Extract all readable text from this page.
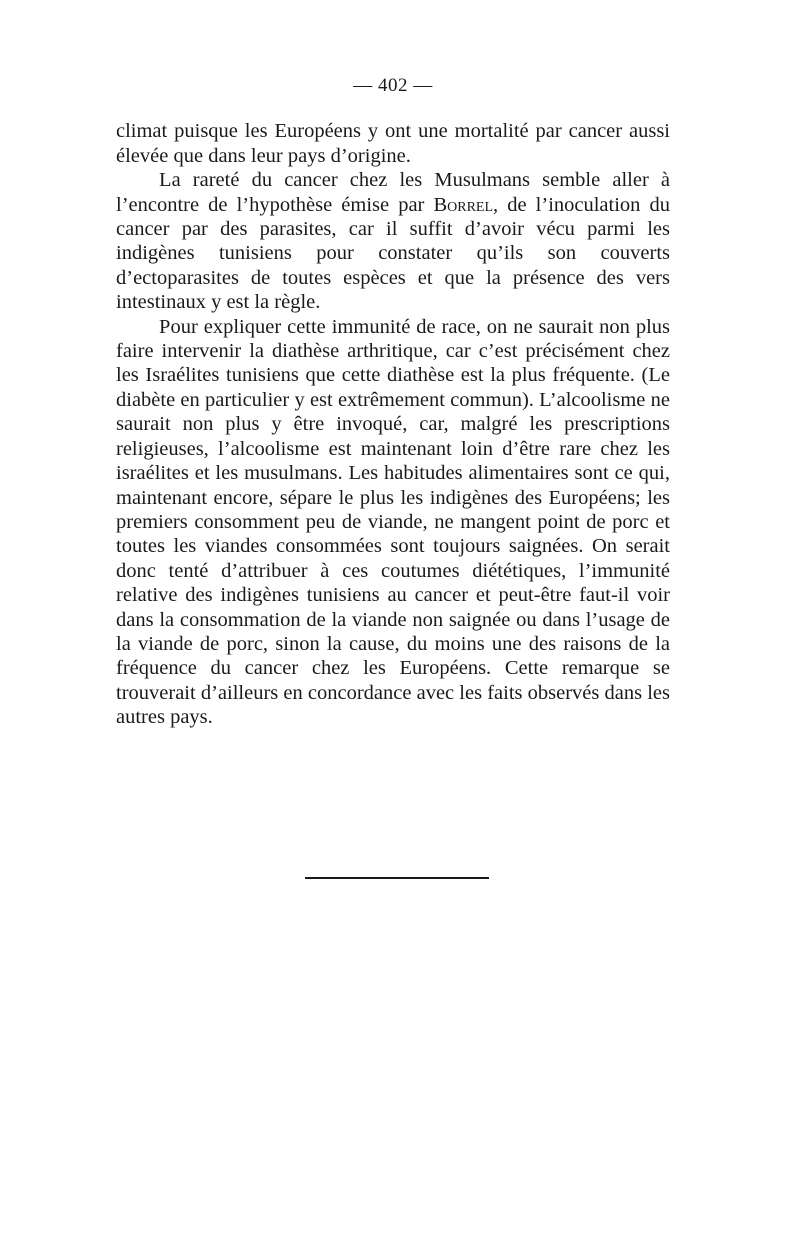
— 402 —

climat puisque les Européens y ont une mortalité par cancer aussi élevée que dans leur pays d’origine.

La rareté du cancer chez les Musulmans semble aller à l’encontre de l’hypothèse émise par Borrel, de l’inoculation du cancer par des parasites, car il suffit d’avoir vécu parmi les indigènes tunisiens pour constater qu’ils son couverts d’ectoparasites de toutes espèces et que la présence des vers intestinaux y est la règle.

Pour expliquer cette immunité de race, on ne saurait non plus faire intervenir la diathèse arthritique, car c’est précisément chez les Israélites tunisiens que cette diathèse est la plus fréquente. (Le diabète en particulier y est extrêmement commun). L’alcoolisme ne saurait non plus y être invoqué, car, malgré les prescriptions religieuses, l’alcoolisme est maintenant loin d’être rare chez les israélites et les musulmans. Les habitudes alimentaires sont ce qui, maintenant encore, sépare le plus les indigènes des Européens; les premiers consomment peu de viande, ne mangent point de porc et toutes les viandes consommées sont toujours saignées. On serait donc tenté d’attribuer à ces coutumes diététiques, l’immunité relative des indigènes tunisiens au cancer et peut-être faut-il voir dans la consommation de la viande non saignée ou dans l’usage de la viande de porc, sinon la cause, du moins une des raisons de la fréquence du cancer chez les Européens. Cette remarque se trouverait d’ailleurs en concordance avec les faits observés dans les autres pays.
